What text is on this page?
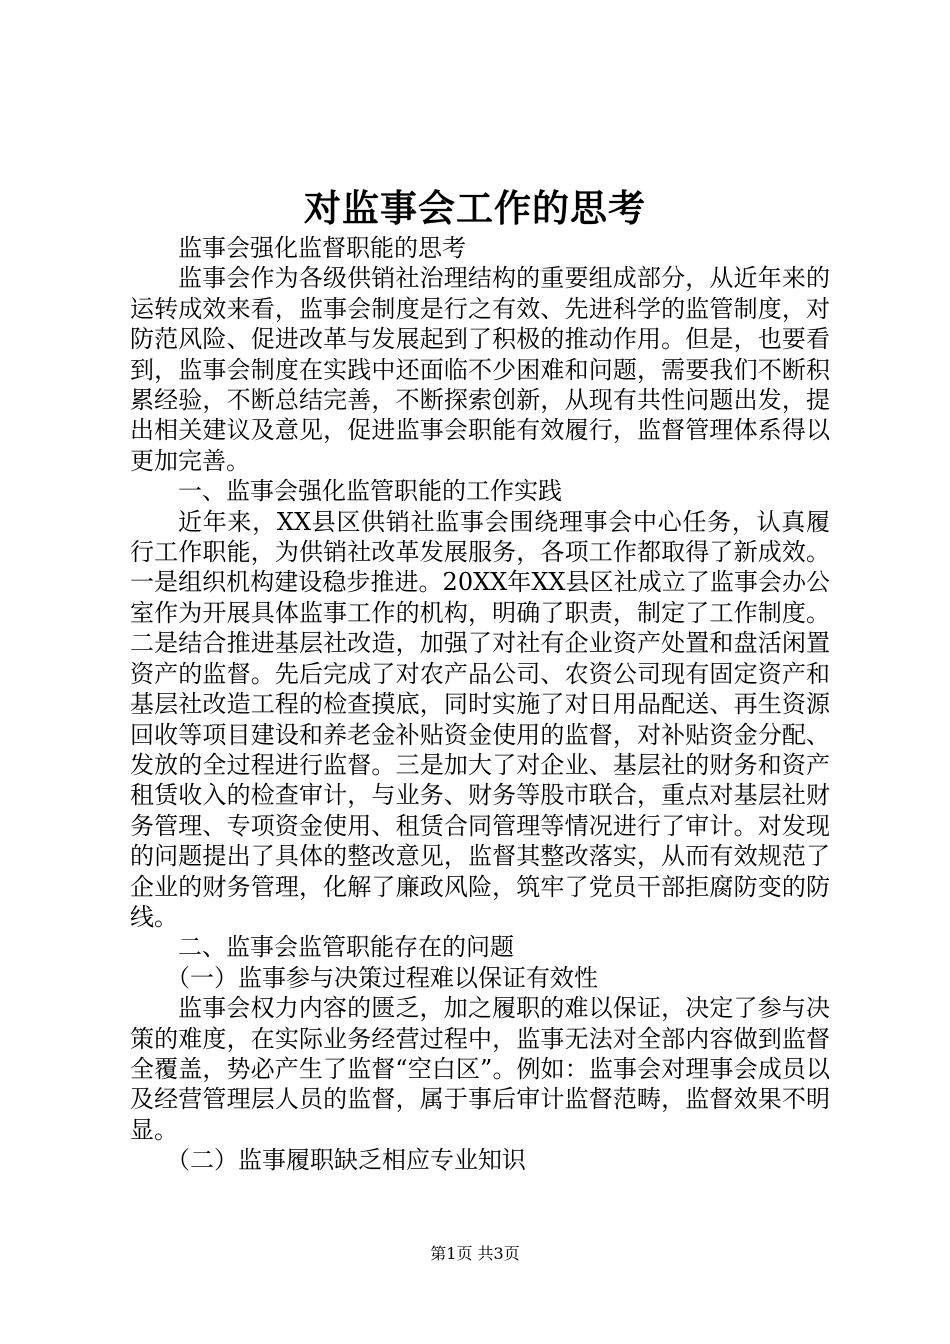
对监事会工作的思考

监事会强化监督职能的思考

监事会作为各级供销社治理结构的重要组成部分，从近年来的运转成效来看，监事会制度是行之有效、先进科学的监管制度，对防范风险、促进改革与发展起到了积极的推动作用。但是，也要看到，监事会制度在实践中还面临不少困难和问题，需要我们不断积累经验，不断总结完善，不断探索创新，从现有共性问题出发，提出相关建议及意见，促进监事会职能有效履行，监督管理体系得以更加完善。

一、监事会强化监管职能的工作实践

近年来，XX县区供销社监事会围绕理事会中心任务，认真履行工作职能，为供销社改革发展服务，各项工作都取得了新成效。一是组织机构建设稳步推进。20XX年XX县区社成立了监事会办公室作为开展具体监事工作的机构，明确了职责，制定了工作制度。二是结合推进基层社改造，加强了对社有企业资产处置和盘活闲置资产的监督。先后完成了对农产品公司、农资公司现有固定资产和基层社改造工程的检查摸底，同时实施了对日用品配送、再生资源回收等项目建设和养老金补贴资金使用的监督，对补贴资金分配、发放的全过程进行监督。三是加大了对企业、基层社的财务和资产租赁收入的检查审计，与业务、财务等股市联合，重点对基层社财务管理、专项资金使用、租赁合同管理等情况进行了审计。对发现的问题提出了具体的整改意见，监督其整改落实，从而有效规范了企业的财务管理，化解了廉政风险，筑牢了党员干部拒腐防变的防线。

二、监事会监管职能存在的问题

（一）监事参与决策过程难以保证有效性

监事会权力内容的匮乏，加之履职的难以保证，决定了参与决策的难度，在实际业务经营过程中，监事无法对全部内容做到监督全覆盖，势必产生了监督“空白区”。例如：监事会对理事会成员以及经营管理层人员的监督，属于事后审计监督范畴，监督效果不明显。

（二）监事履职缺乏相应专业知识

第1页 共3页
